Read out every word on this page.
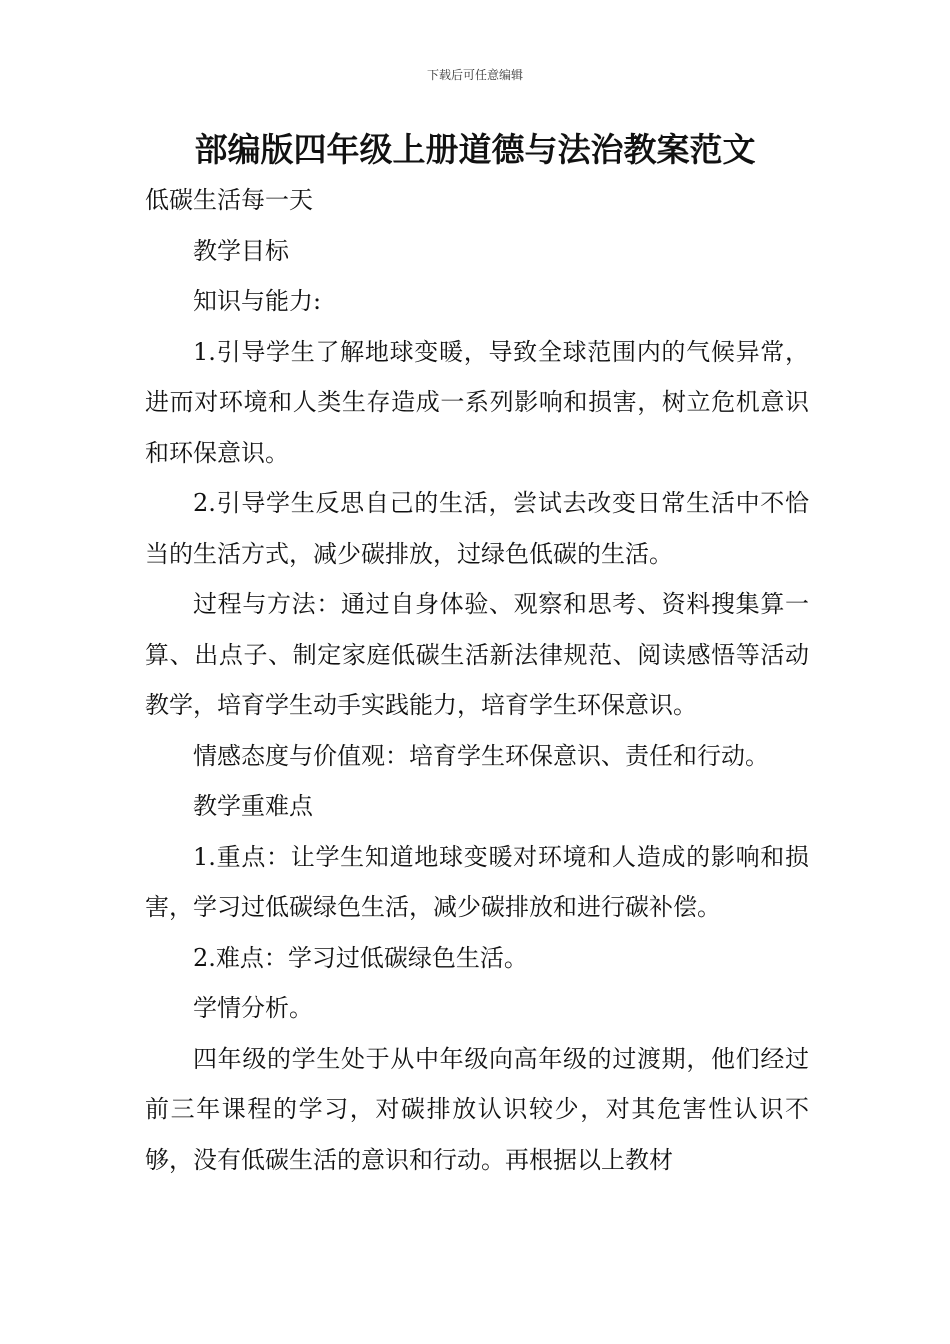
下载后可任意编辑
部编版四年级上册道德与法治教案范文

低碳生活每一天

教学目标

知识与能力:

1.引导学生了解地球变暖，导致全球范围内的气候异常，进而对环境和人类生存造成一系列影响和损害，树立危机意识和环保意识。

2.引导学生反思自己的生活，尝试去改变日常生活中不恰当的生活方式，减少碳排放，过绿色低碳的生活。

过程与方法：通过自身体验、观察和思考、资料搜集算一算、出点子、制定家庭低碳生活新法律规范、阅读感悟等活动教学，培育学生动手实践能力，培育学生环保意识。

情感态度与价值观：培育学生环保意识、责任和行动。

教学重难点

1.重点：让学生知道地球变暖对环境和人造成的影响和损害，学习过低碳绿色生活，减少碳排放和进行碳补偿。

2.难点：学习过低碳绿色生活。

学情分析。

四年级的学生处于从中年级向高年级的过渡期，他们经过前三年课程的学习，对碳排放认识较少，对其危害性认识不够，没有低碳生活的意识和行动。再根据以上教材
